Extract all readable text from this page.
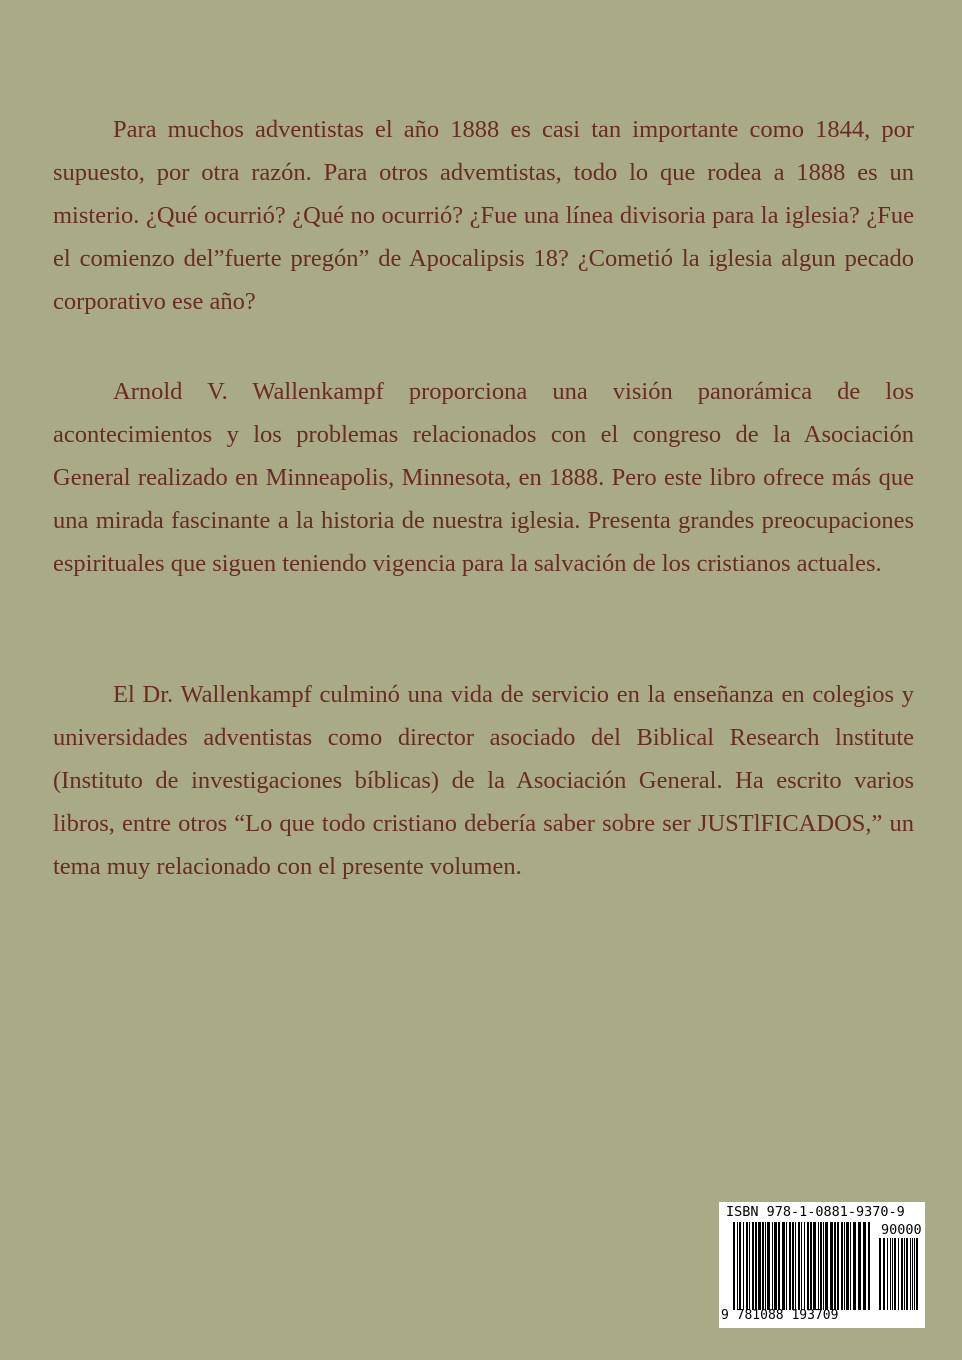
Para muchos adventistas el año 1888 es casi tan importante como 1844, por supuesto, por otra razón. Para otros advemtistas, todo lo que rodea a 1888 es un misterio. ¿Qué ocurrió? ¿Qué no ocurrió? ¿Fue una línea divisoria para la iglesia? ¿Fue el comienzo del”fuerte pregón” de Apocalipsis 18? ¿Cometió la iglesia algun pecado corporativo ese año?

Arnold V. Wallenkampf proporciona una visión panorámica de los acontecimientos y los problemas relacionados con el congreso de la Asociación General realizado en Minneapolis, Minnesota, en 1888. Pero este libro ofrece más que una mirada fascinante a la historia de nuestra iglesia. Presenta grandes preocupaciones espirituales que siguen teniendo vigencia para la salvación de los cristianos actuales.

El Dr. Wallenkampf culminó una vida de servicio en la enseñanza en colegios y universidades adventistas como director asociado del Biblical Research lnstitute (Instituto de investigaciones bíblicas) de la Asociación General. Ha escrito varios libros, entre otros “Lo que todo cristiano debería saber sobre ser JUSTlFICADOS,” un tema muy relacionado con el presente volumen.

ISBN 978-1-0881-9370-9
90000
9 781088 193709
